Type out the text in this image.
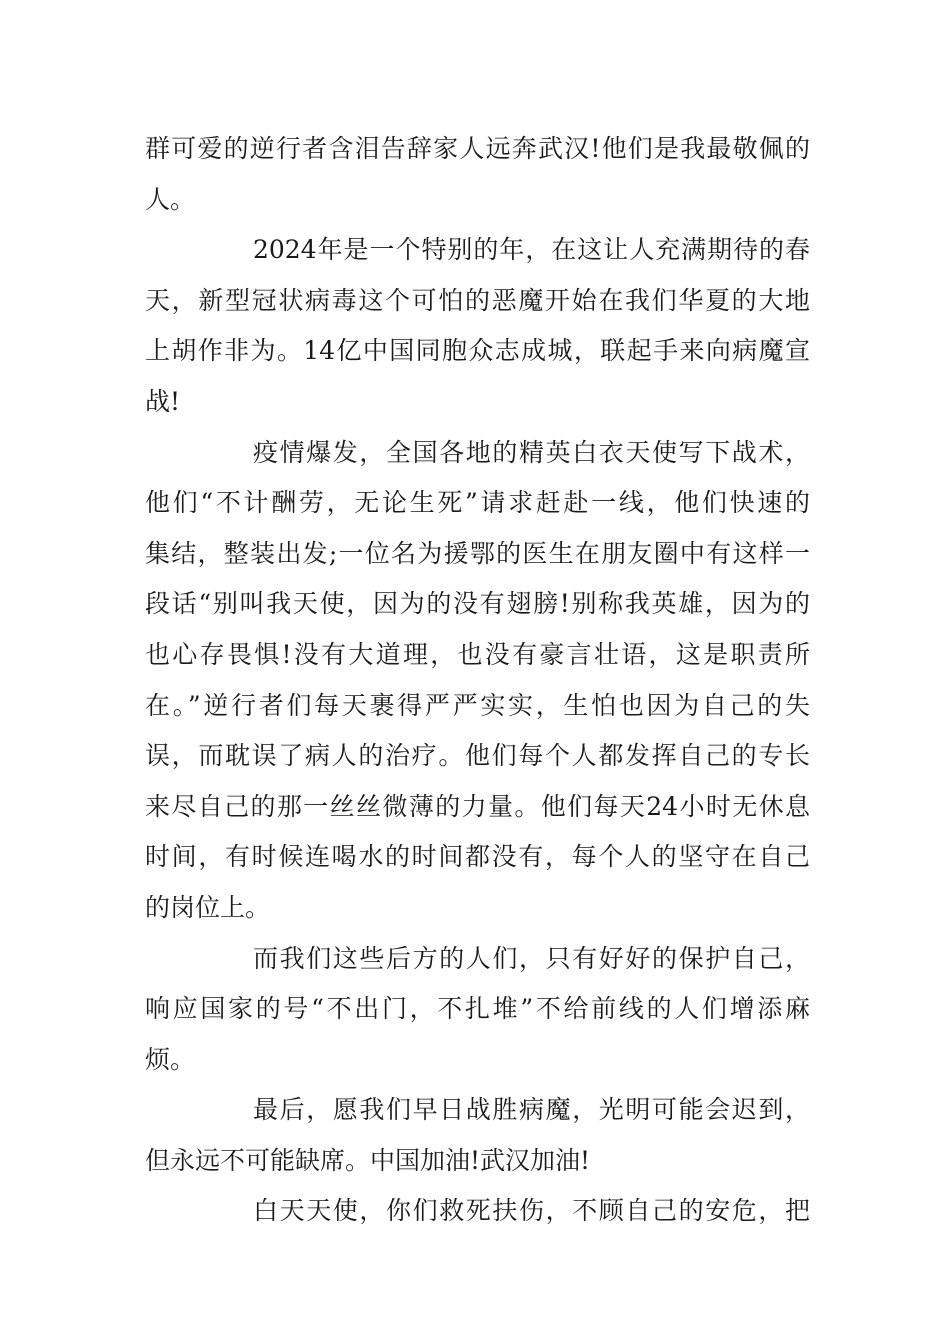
群可爱的逆行者含泪告辞家人远奔武汉!他们是我最敬佩的
人。
2024年是一个特别的年，在这让人充满期待的春
天，新型冠状病毒这个可怕的恶魔开始在我们华夏的大地
上胡作非为。14亿中国同胞众志成城，联起手来向病魔宣
战!
疫情爆发，全国各地的精英白衣天使写下战术，
他们“不计酬劳，无论生死”请求赶赴一线，他们快速的
集结，整装出发;一位名为援鄂的医生在朋友圈中有这样一
段话“别叫我天使，因为的没有翅膀!别称我英雄，因为的
也心存畏惧!没有大道理，也没有豪言壮语，这是职责所
在。”逆行者们每天裹得严严实实，生怕也因为自己的失
误，而耽误了病人的治疗。他们每个人都发挥自己的专长
来尽自己的那一丝丝微薄的力量。他们每天24小时无休息
时间，有时候连喝水的时间都没有，每个人的坚守在自己
的岗位上。
而我们这些后方的人们，只有好好的保护自己，
响应国家的号“不出门，不扎堆”不给前线的人们增添麻
烦。
最后，愿我们早日战胜病魔，光明可能会迟到，
但永远不可能缺席。中国加油!武汉加油!
白天天使，你们救死扶伤，不顾自己的安危，把
